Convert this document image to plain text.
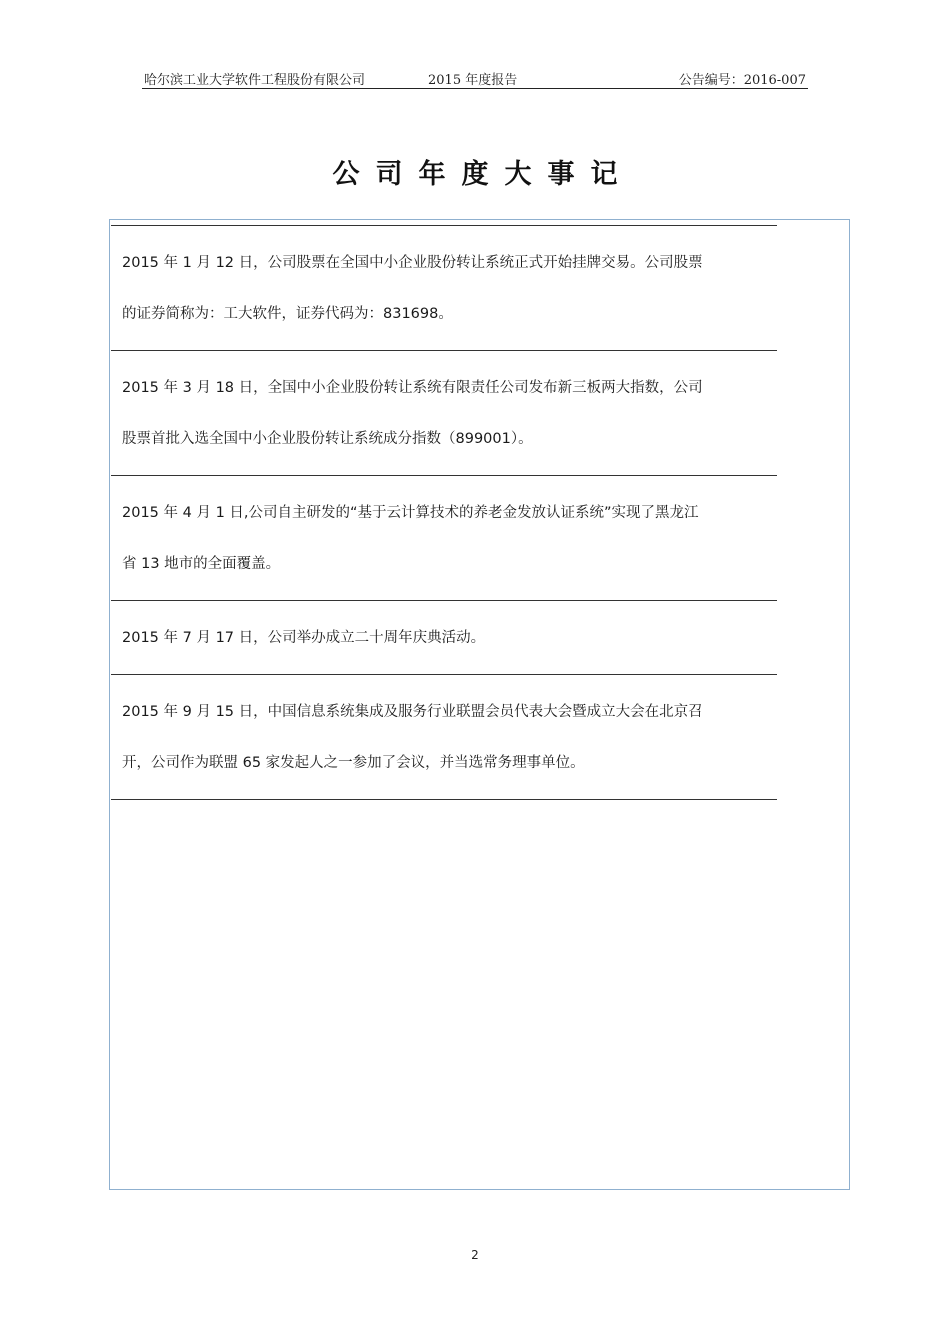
哈尔滨工业大学软件工程股份有限公司	2015 年度报告	公告编号：2016-007
公司年度大事记

2015 年 1 月 12 日，公司股票在全国中小企业股份转让系统正式开始挂牌交易。公司股票

的证券简称为：工大软件，证券代码为：831698。

2015 年 3 月 18 日，全国中小企业股份转让系统有限责任公司发布新三板两大指数，公司

股票首批入选全国中小企业股份转让系统成分指数（899001）。

2015 年 4 月 1 日,公司自主研发的“基于云计算技术的养老金发放认证系统”实现了黑龙江

省 13 地市的全面覆盖。

2015 年 7 月 17 日，公司举办成立二十周年庆典活动。

2015 年 9 月 15 日，中国信息系统集成及服务行业联盟会员代表大会暨成立大会在北京召

开，公司作为联盟 65 家发起人之一参加了会议，并当选常务理事单位。

2
